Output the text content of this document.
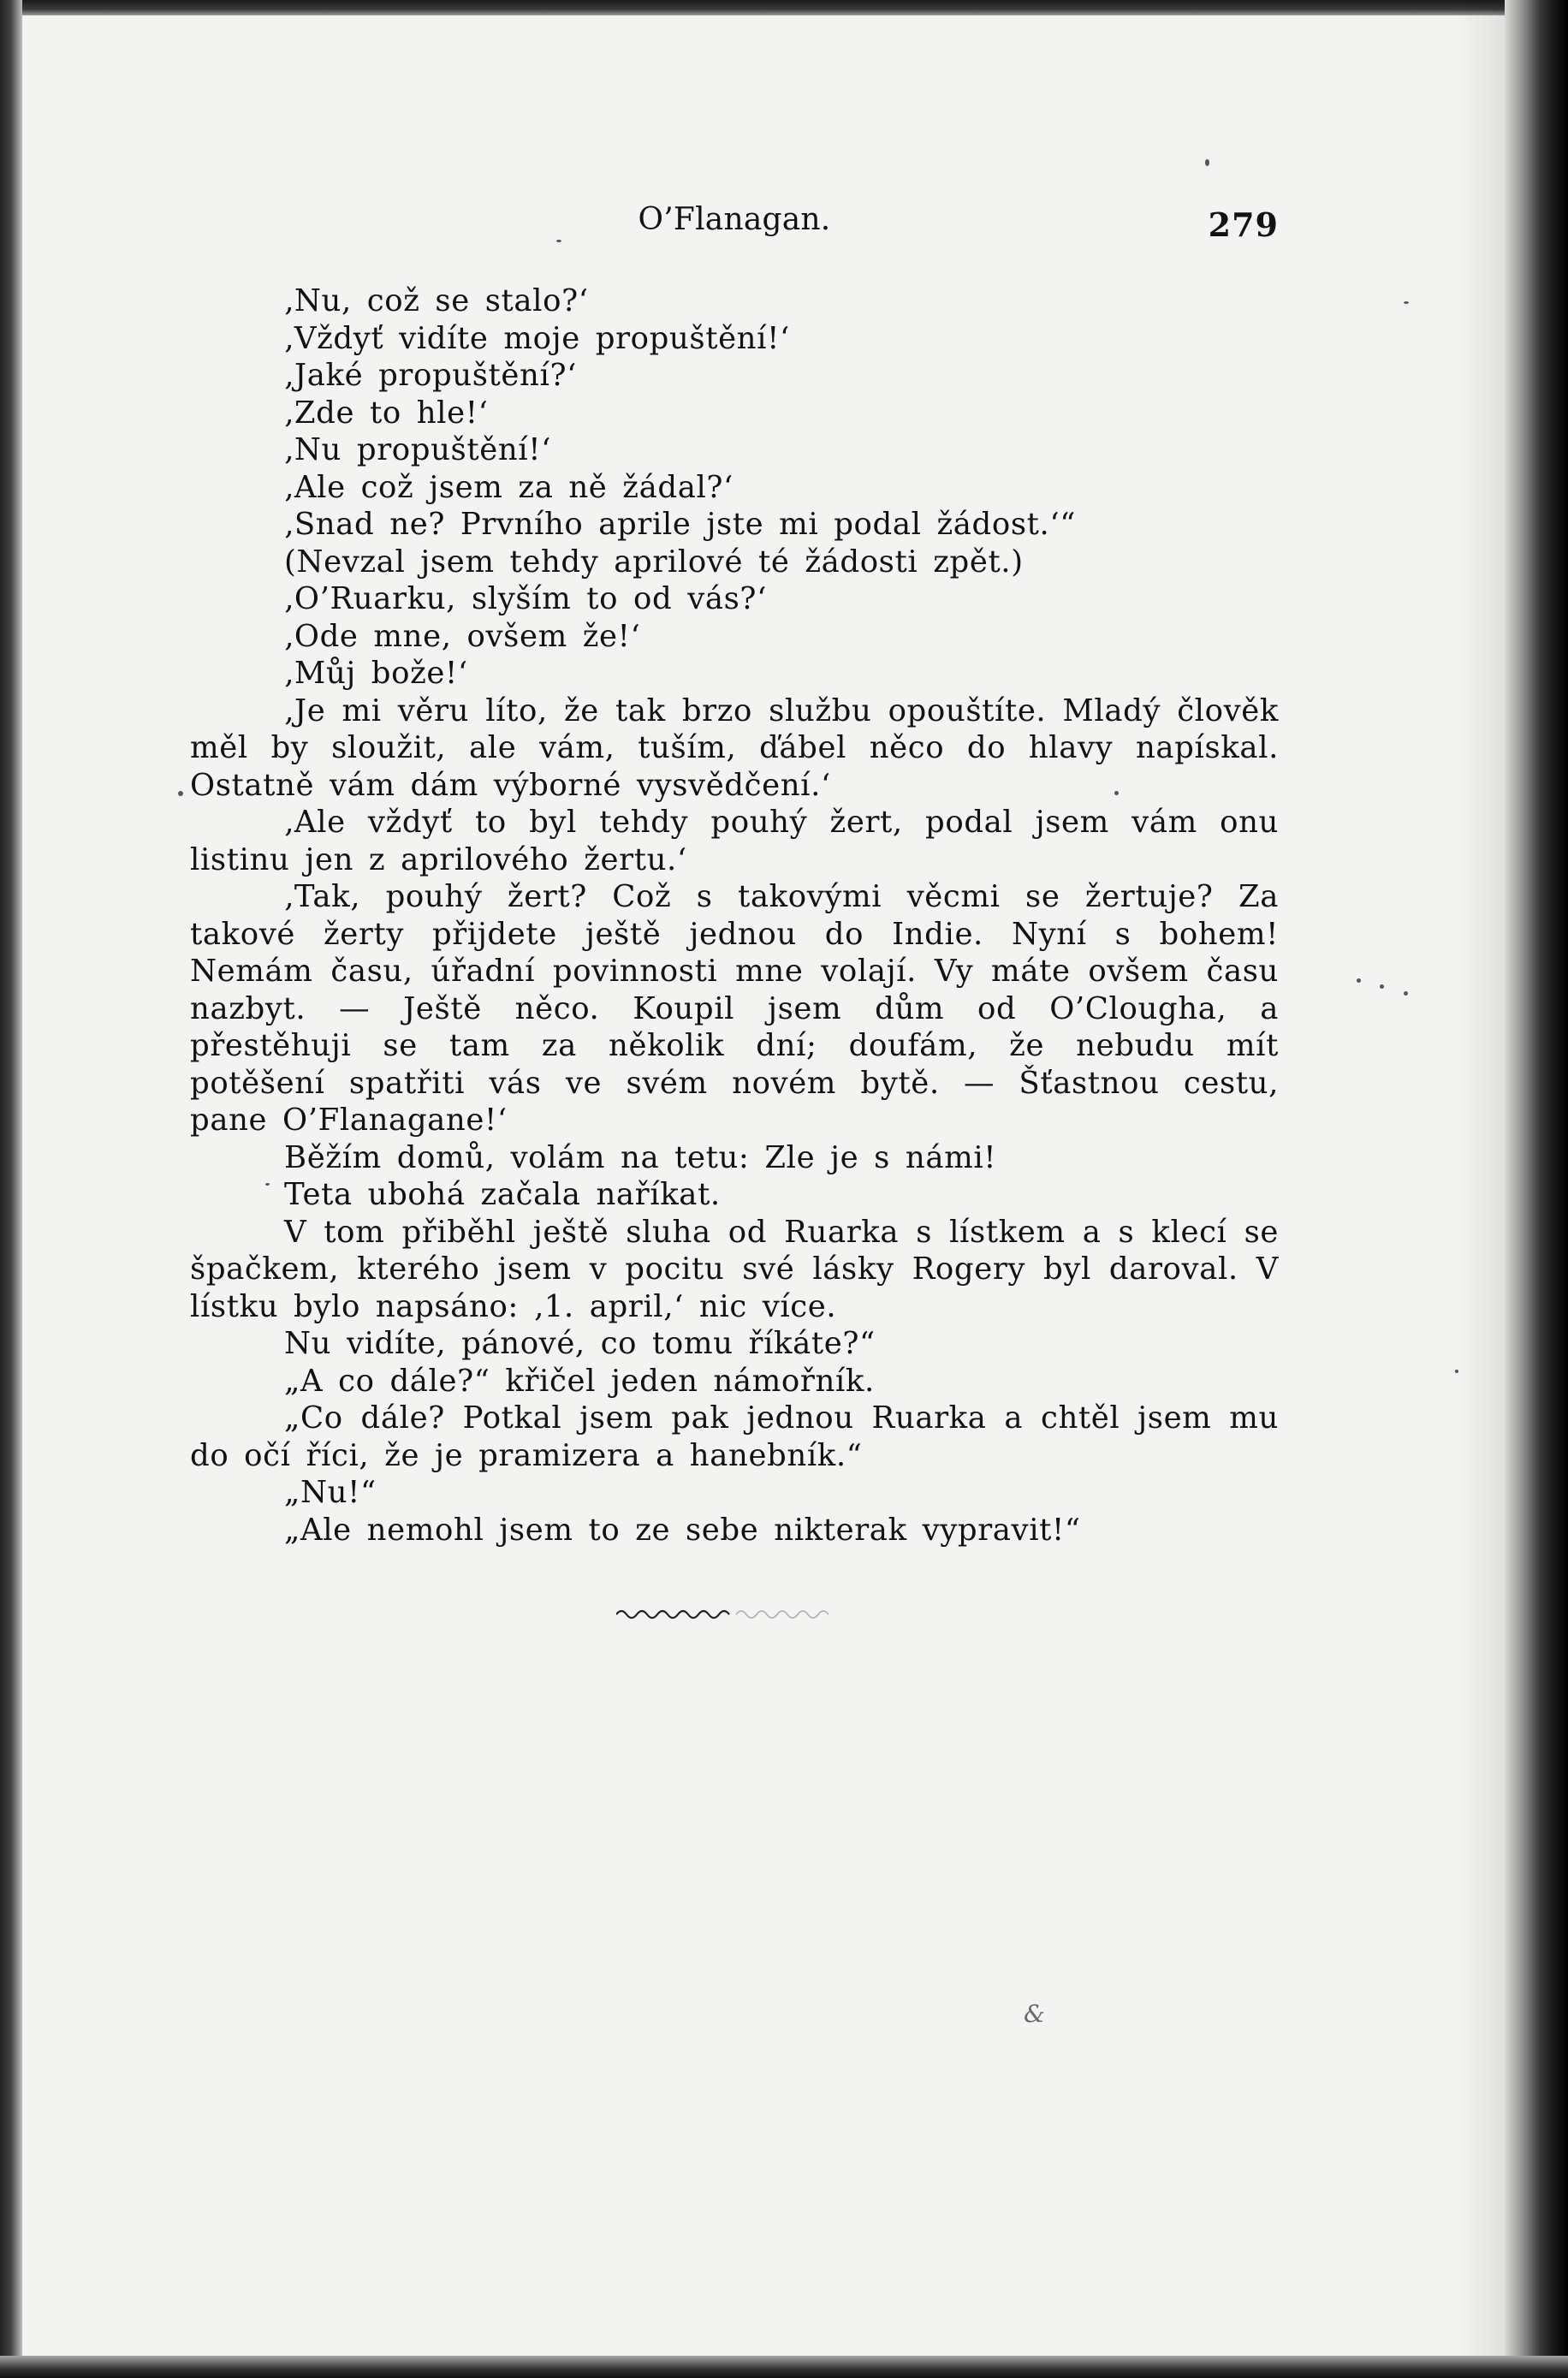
O’Flanagan.	279

‚Nu, což se stalo?‘

‚Vždyť vidíte moje propuštění!‘

‚Jaké propuštění?‘

‚Zde to hle!‘

‚Nu propuštění!‘

‚Ale což jsem za ně žádal?‘

‚Snad ne? Prvního aprile jste mi podal žádost.‘“

(Nevzal jsem tehdy aprilové té žádosti zpět.)

‚O’Ruarku, slyším to od vás?‘

‚Ode mne, ovšem že!‘

‚Můj bože!‘

‚Je mi věru líto, že tak brzo službu opouštíte. Mladý člověk měl by sloužit, ale vám, tuším, ďábel něco do hlavy napískal. Ostatně vám dám výborné vysvědčení.‘

‚Ale vždyť to byl tehdy pouhý žert, podal jsem vám onu listinu jen z aprilového žertu.‘

‚Tak, pouhý žert? Což s takovými věcmi se žertuje? Za takové žerty přijdete ještě jednou do Indie. Nyní s bohem! Nemám času, úřadní povinnosti mne volají. Vy máte ovšem času nazbyt. — Ještě něco. Koupil jsem dům od O’Clougha, a přestěhuji se tam za několik dní; doufám, že nebudu mít potěšení spatřiti vás ve svém novém bytě. — Šťastnou cestu, pane O’Flanagane!‘

Běžím domů, volám na tetu: Zle je s námi!

Teta ubohá začala naříkat.

V tom přiběhl ještě sluha od Ruarka s lístkem a s klecí se špačkem, kterého jsem v pocitu své lásky Rogery byl daroval. V lístku bylo napsáno: ‚1. april,‘ nic více.

Nu vidíte, pánové, co tomu říkáte?“

„A co dále?“ křičel jeden námořník.

„Co dále? Potkal jsem pak jednou Ruarka a chtěl jsem mu do očí říci, že je pramizera a hanebník.“

„Nu!“

„Ale nemohl jsem to ze sebe nikterak vypravit!“

&
